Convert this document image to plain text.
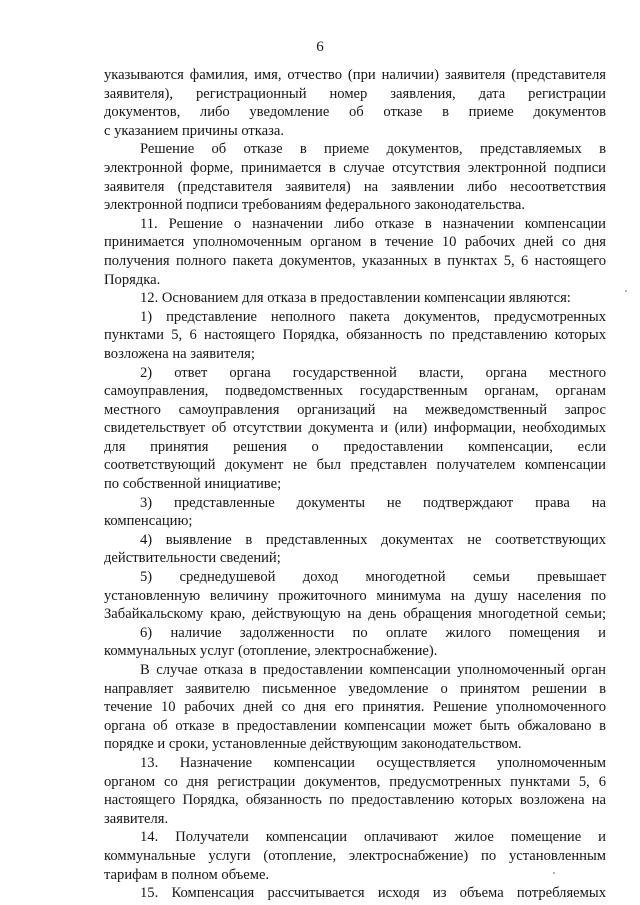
6
указываются фамилия, имя, отчество (при наличии) заявителя (представителя
заявителя), регистрационный номер заявления, дата регистрации
документов, либо уведомление об отказе в приеме документов
с указанием причины отказа.
Решение об отказе в приеме документов, представляемых в
электронной форме, принимается в случае отсутствия электронной подписи
заявителя (представителя заявителя) на заявлении либо несоответствия
электронной подписи требованиям федерального законодательства.
11. Решение о назначении либо отказе в назначении компенсации
принимается уполномоченным органом в течение 10 рабочих дней со дня
получения полного пакета документов, указанных в пунктах 5, 6 настоящего
Порядка.
12. Основанием для отказа в предоставлении компенсации являются:
1) представление неполного пакета документов, предусмотренных
пунктами 5, 6 настоящего Порядка, обязанность по представлению которых
возложена на заявителя;
2) ответ органа государственной власти, органа местного
самоуправления, подведомственных государственным органам, органам
местного самоуправления организаций на межведомственный запрос
свидетельствует об отсутствии документа и (или) информации, необходимых
для принятия решения о предоставлении компенсации, если
соответствующий документ не был представлен получателем компенсации
по собственной инициативе;
3) представленные документы не подтверждают права на
компенсацию;
4) выявление в представленных документах не соответствующих
действительности сведений;
5) среднедушевой доход многодетной семьи превышает
установленную величину прожиточного минимума на душу населения по
Забайкальскому краю, действующую на день обращения многодетной семьи;
6) наличие задолженности по оплате жилого помещения и
коммунальных услуг (отопление, электроснабжение).
В случае отказа в предоставлении компенсации уполномоченный орган
направляет заявителю письменное уведомление о принятом решении в
течение 10 рабочих дней со дня его принятия. Решение уполномоченного
органа об отказе в предоставлении компенсации может быть обжаловано в
порядке и сроки, установленные действующим законодательством.
13. Назначение компенсации осуществляется уполномоченным
органом со дня регистрации документов, предусмотренных пунктами 5, 6
настоящего Порядка, обязанность по предоставлению которых возложена на
заявителя.
14. Получатели компенсации оплачивают жилое помещение и
коммунальные услуги (отопление, электроснабжение) по установленным
тарифам в полном объеме.
15. Компенсация рассчитывается исходя из объема потребляемых
